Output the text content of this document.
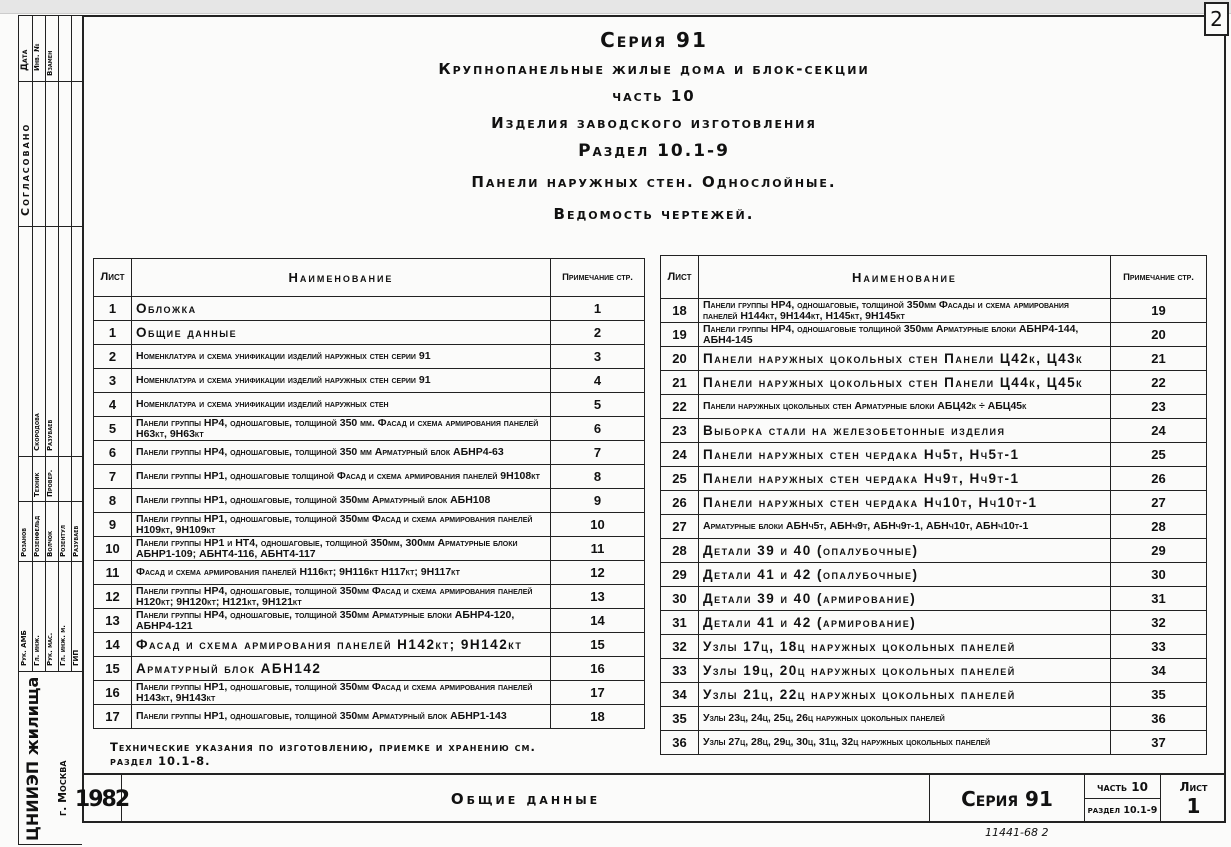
2
Серия 91
Крупнопанельные жилые дома и блок-секции
часть 10
Изделия заводского изготовления
Раздел 10.1-9
Панели наружных стен. Однослойные.
Ведомость чертежей.
Лист	Наименование	Примечание стр.
1	Обложка	1
1	Общие данные	2
2	Номенклатура и схема унификации изделий наружных стен серии 91	3
3	Номенклатура и схема унификации изделий наружных стен серии 91	4
4	Номенклатура и схема унификации изделий наружных стен	5
5	Панели группы НР4, одношаговые, толщиной 350 мм. Фасад и схема армирования панелей Н63кт, 9Н63кт	6
6	Панели группы НР4, одношаговые, толщиной 350 мм Арматурный блок АБНР4-63	7
7	Панели группы НР1, одношаговые толщиной Фасад и схема армирования панелей 9Н108кт	8
8	Панели группы НР1, одношаговые, толщиной 350мм Арматурный блок АБН108	9
9	Панели группы НР1, одношаговые, толщиной 350мм Фасад и схема армирования панелей Н109кт, 9Н109кт	10
10	Панели группы НР1 и НТ4, одношаговые, толщиной 350мм, 300мм Арматурные блоки АБНР1-109; АБНТ4-116, АБНТ4-117	11
11	Фасад и схема армирования панелей Н116кт; 9Н116кт Н117кт; 9Н117кт	12
12	Панели группы НР4, одношаговые, толщиной 350мм Фасад и схема армирования панелей Н120кт; 9Н120кт; Н121кт, 9Н121кт	13
13	Панели группы НР4, одношаговые, толщиной 350мм Арматурные блоки АБНР4-120, АБНР4-121	14
14	Фасад и схема армирования панелей Н142кт; 9Н142кт	15
15	Арматурный блок АБН142	16
16	Панели группы НР1, одношаговые, толщиной 350мм Фасад и схема армирования панелей Н143кт, 9Н143кт	17
17	Панели группы НР1, одношаговые, толщиной 350мм Арматурный блок АБНР1-143	18
Лист	Наименование	Примечание стр.
18	Панели группы НР4, одношаговые, толщиной 350мм Фасады и схема армирования панелей Н144кт, 9Н144кт, Н145кт, 9Н145кт	19
19	Панели группы НР4, одношаговые толщиной 350мм Арматурные блоки АБНР4-144, АБН4-145	20
20	Панели наружных цокольных стен Панели Ц42к, Ц43к	21
21	Панели наружных цокольных стен Панели Ц44к, Ц45к	22
22	Панели наружных цокольных стен Арматурные блоки АБЦ42к ÷ АБЦ45к	23
23	Выборка стали на железобетонные изделия	24
24	Панели наружных стен чердака Нч5т, Нч5т-1	25
25	Панели наружных стен чердака Нч9т, Нч9т-1	26
26	Панели наружных стен чердака Нч10т, Нч10т-1	27
27	Арматурные блоки АБНч5т, АБНч9т, АБНч9т-1, АБНч10т, АБНч10т-1	28
28	Детали 39 и 40 (опалубочные)	29
29	Детали 41 и 42 (опалубочные)	30
30	Детали 39 и 40 (армирование)	31
31	Детали 41 и 42 (армирование)	32
32	Узлы 17ц, 18ц наружных цокольных панелей	33
33	Узлы 19ц, 20ц наружных цокольных панелей	34
34	Узлы 21ц, 22ц наружных цокольных панелей	35
35	Узлы 23ц, 24ц, 25ц, 26ц наружных цокольных панелей	36
36	Узлы 27ц, 28ц, 29ц, 30ц, 31ц, 32ц наружных цокольных панелей	37
Технические указания по изготовлению, приемке и хранению см. раздел 10.1-8.
1982	Общие данные	Серия 91	часть 10
раздел 10.1-9
Лист
1
11441-68 2
Дата Инв. № Взамен
Согласовано
Скородова Разуваев
Техник Провер.
Розанов Розенфельд Волчок Розентул Разуваев
Рук. АМБ Гл. инж. Рук. мас. Гл. инж. м. ГИП
ЦНИИЭП жилища г. Москва
